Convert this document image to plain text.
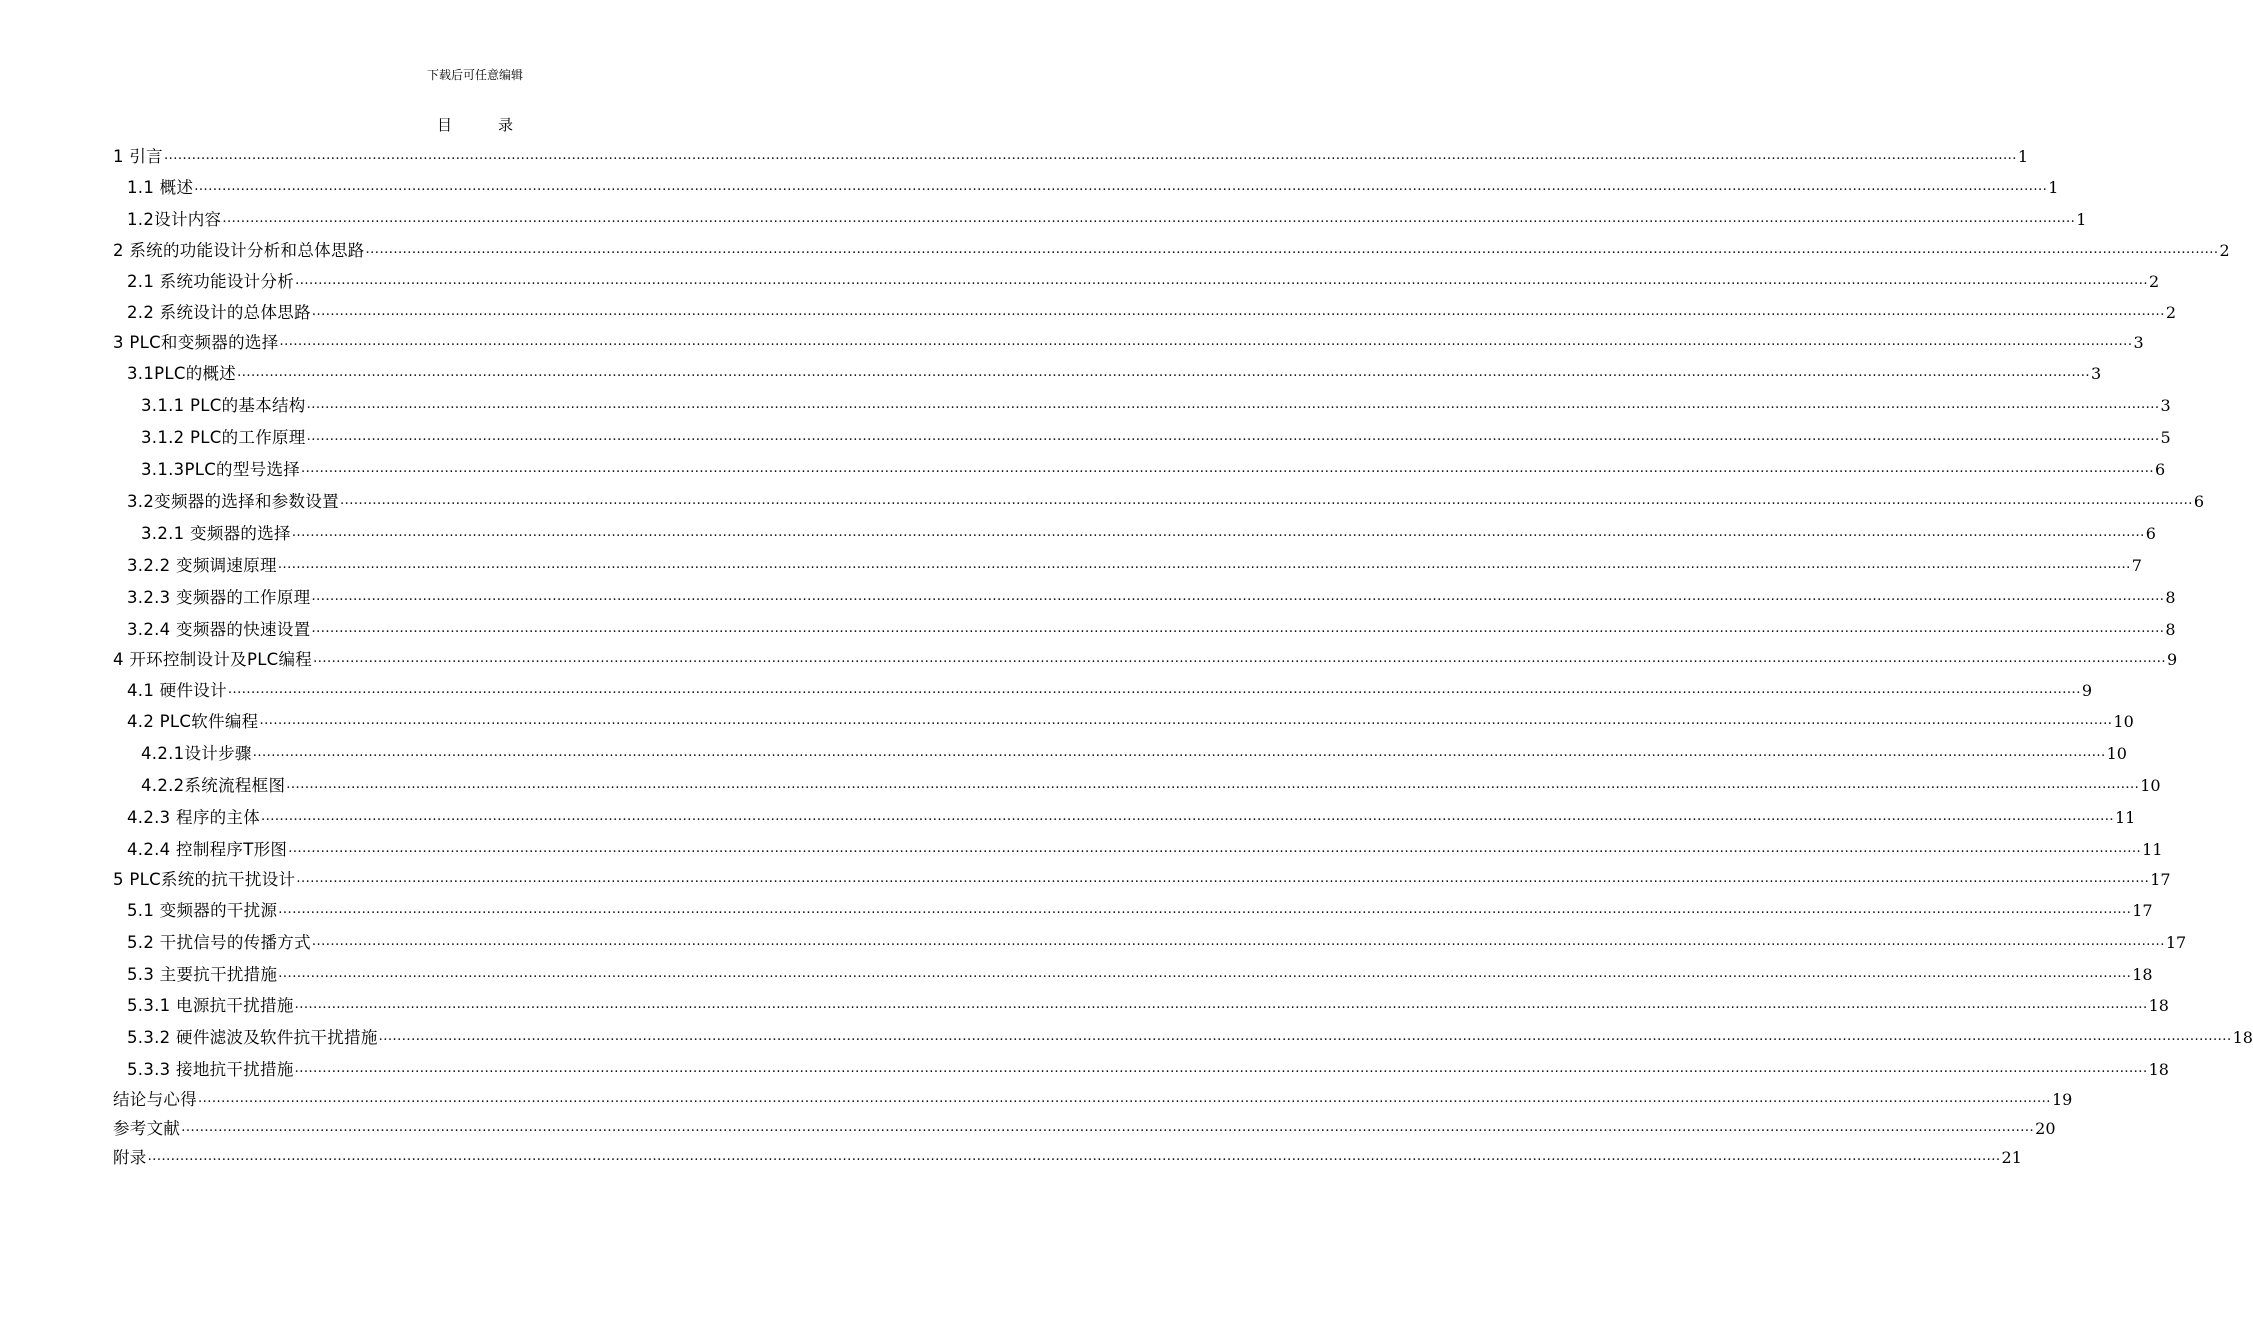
下载后可任意编辑
目	录
1 引言 ................................................................................................................................................................................................................................................................................................................................................................................................................ 1
1.1 概述 ................................................................................................................................................................................................................................................................................................................................................................................................................ 1
1.2设计内容 ................................................................................................................................................................................................................................................................................................................................................................................................................ 1
2 系统的功能设计分析和总体思路 ................................................................................................................................................................................................................................................................................................................................................................................................................ 2
2.1 系统功能设计分析 ................................................................................................................................................................................................................................................................................................................................................................................................................ 2
2.2 系统设计的总体思路 ................................................................................................................................................................................................................................................................................................................................................................................................................ 2
3 PLC和变频器的选择 ................................................................................................................................................................................................................................................................................................................................................................................................................ 3
3.1PLC的概述 ................................................................................................................................................................................................................................................................................................................................................................................................................ 3
3.1.1 PLC的基本结构 ................................................................................................................................................................................................................................................................................................................................................................................................................ 3
3.1.2 PLC的工作原理 ................................................................................................................................................................................................................................................................................................................................................................................................................ 5
3.1.3PLC的型号选择 ................................................................................................................................................................................................................................................................................................................................................................................................................ 6
3.2变频器的选择和参数设置 ................................................................................................................................................................................................................................................................................................................................................................................................................ 6
3.2.1 变频器的选择 ................................................................................................................................................................................................................................................................................................................................................................................................................ 6
3.2.2 变频调速原理 ................................................................................................................................................................................................................................................................................................................................................................................................................ 7
3.2.3 变频器的工作原理 ................................................................................................................................................................................................................................................................................................................................................................................................................ 8
3.2.4 变频器的快速设置 ................................................................................................................................................................................................................................................................................................................................................................................................................ 8
4 开环控制设计及PLC编程 ................................................................................................................................................................................................................................................................................................................................................................................................................ 9
4.1 硬件设计 ................................................................................................................................................................................................................................................................................................................................................................................................................ 9
4.2 PLC软件编程 ................................................................................................................................................................................................................................................................................................................................................................................................................ 10
4.2.1设计步骤 ................................................................................................................................................................................................................................................................................................................................................................................................................ 10
4.2.2系统流程框图 ................................................................................................................................................................................................................................................................................................................................................................................................................ 10
4.2.3 程序的主体 ................................................................................................................................................................................................................................................................................................................................................................................................................ 11
4.2.4 控制程序T形图 ................................................................................................................................................................................................................................................................................................................................................................................................................ 11
5 PLC系统的抗干扰设计 ................................................................................................................................................................................................................................................................................................................................................................................................................ 17
5.1 变频器的干扰源 ................................................................................................................................................................................................................................................................................................................................................................................................................ 17
5.2 干扰信号的传播方式 ................................................................................................................................................................................................................................................................................................................................................................................................................ 17
5.3 主要抗干扰措施 ................................................................................................................................................................................................................................................................................................................................................................................................................ 18
5.3.1 电源抗干扰措施 ................................................................................................................................................................................................................................................................................................................................................................................................................ 18
5.3.2 硬件滤波及软件抗干扰措施 ................................................................................................................................................................................................................................................................................................................................................................................................................ 18
5.3.3 接地抗干扰措施 ................................................................................................................................................................................................................................................................................................................................................................................................................ 18
结论与心得 ................................................................................................................................................................................................................................................................................................................................................................................................................ 19
参考文献 ................................................................................................................................................................................................................................................................................................................................................................................................................ 20
附录 ................................................................................................................................................................................................................................................................................................................................................................................................................ 21
